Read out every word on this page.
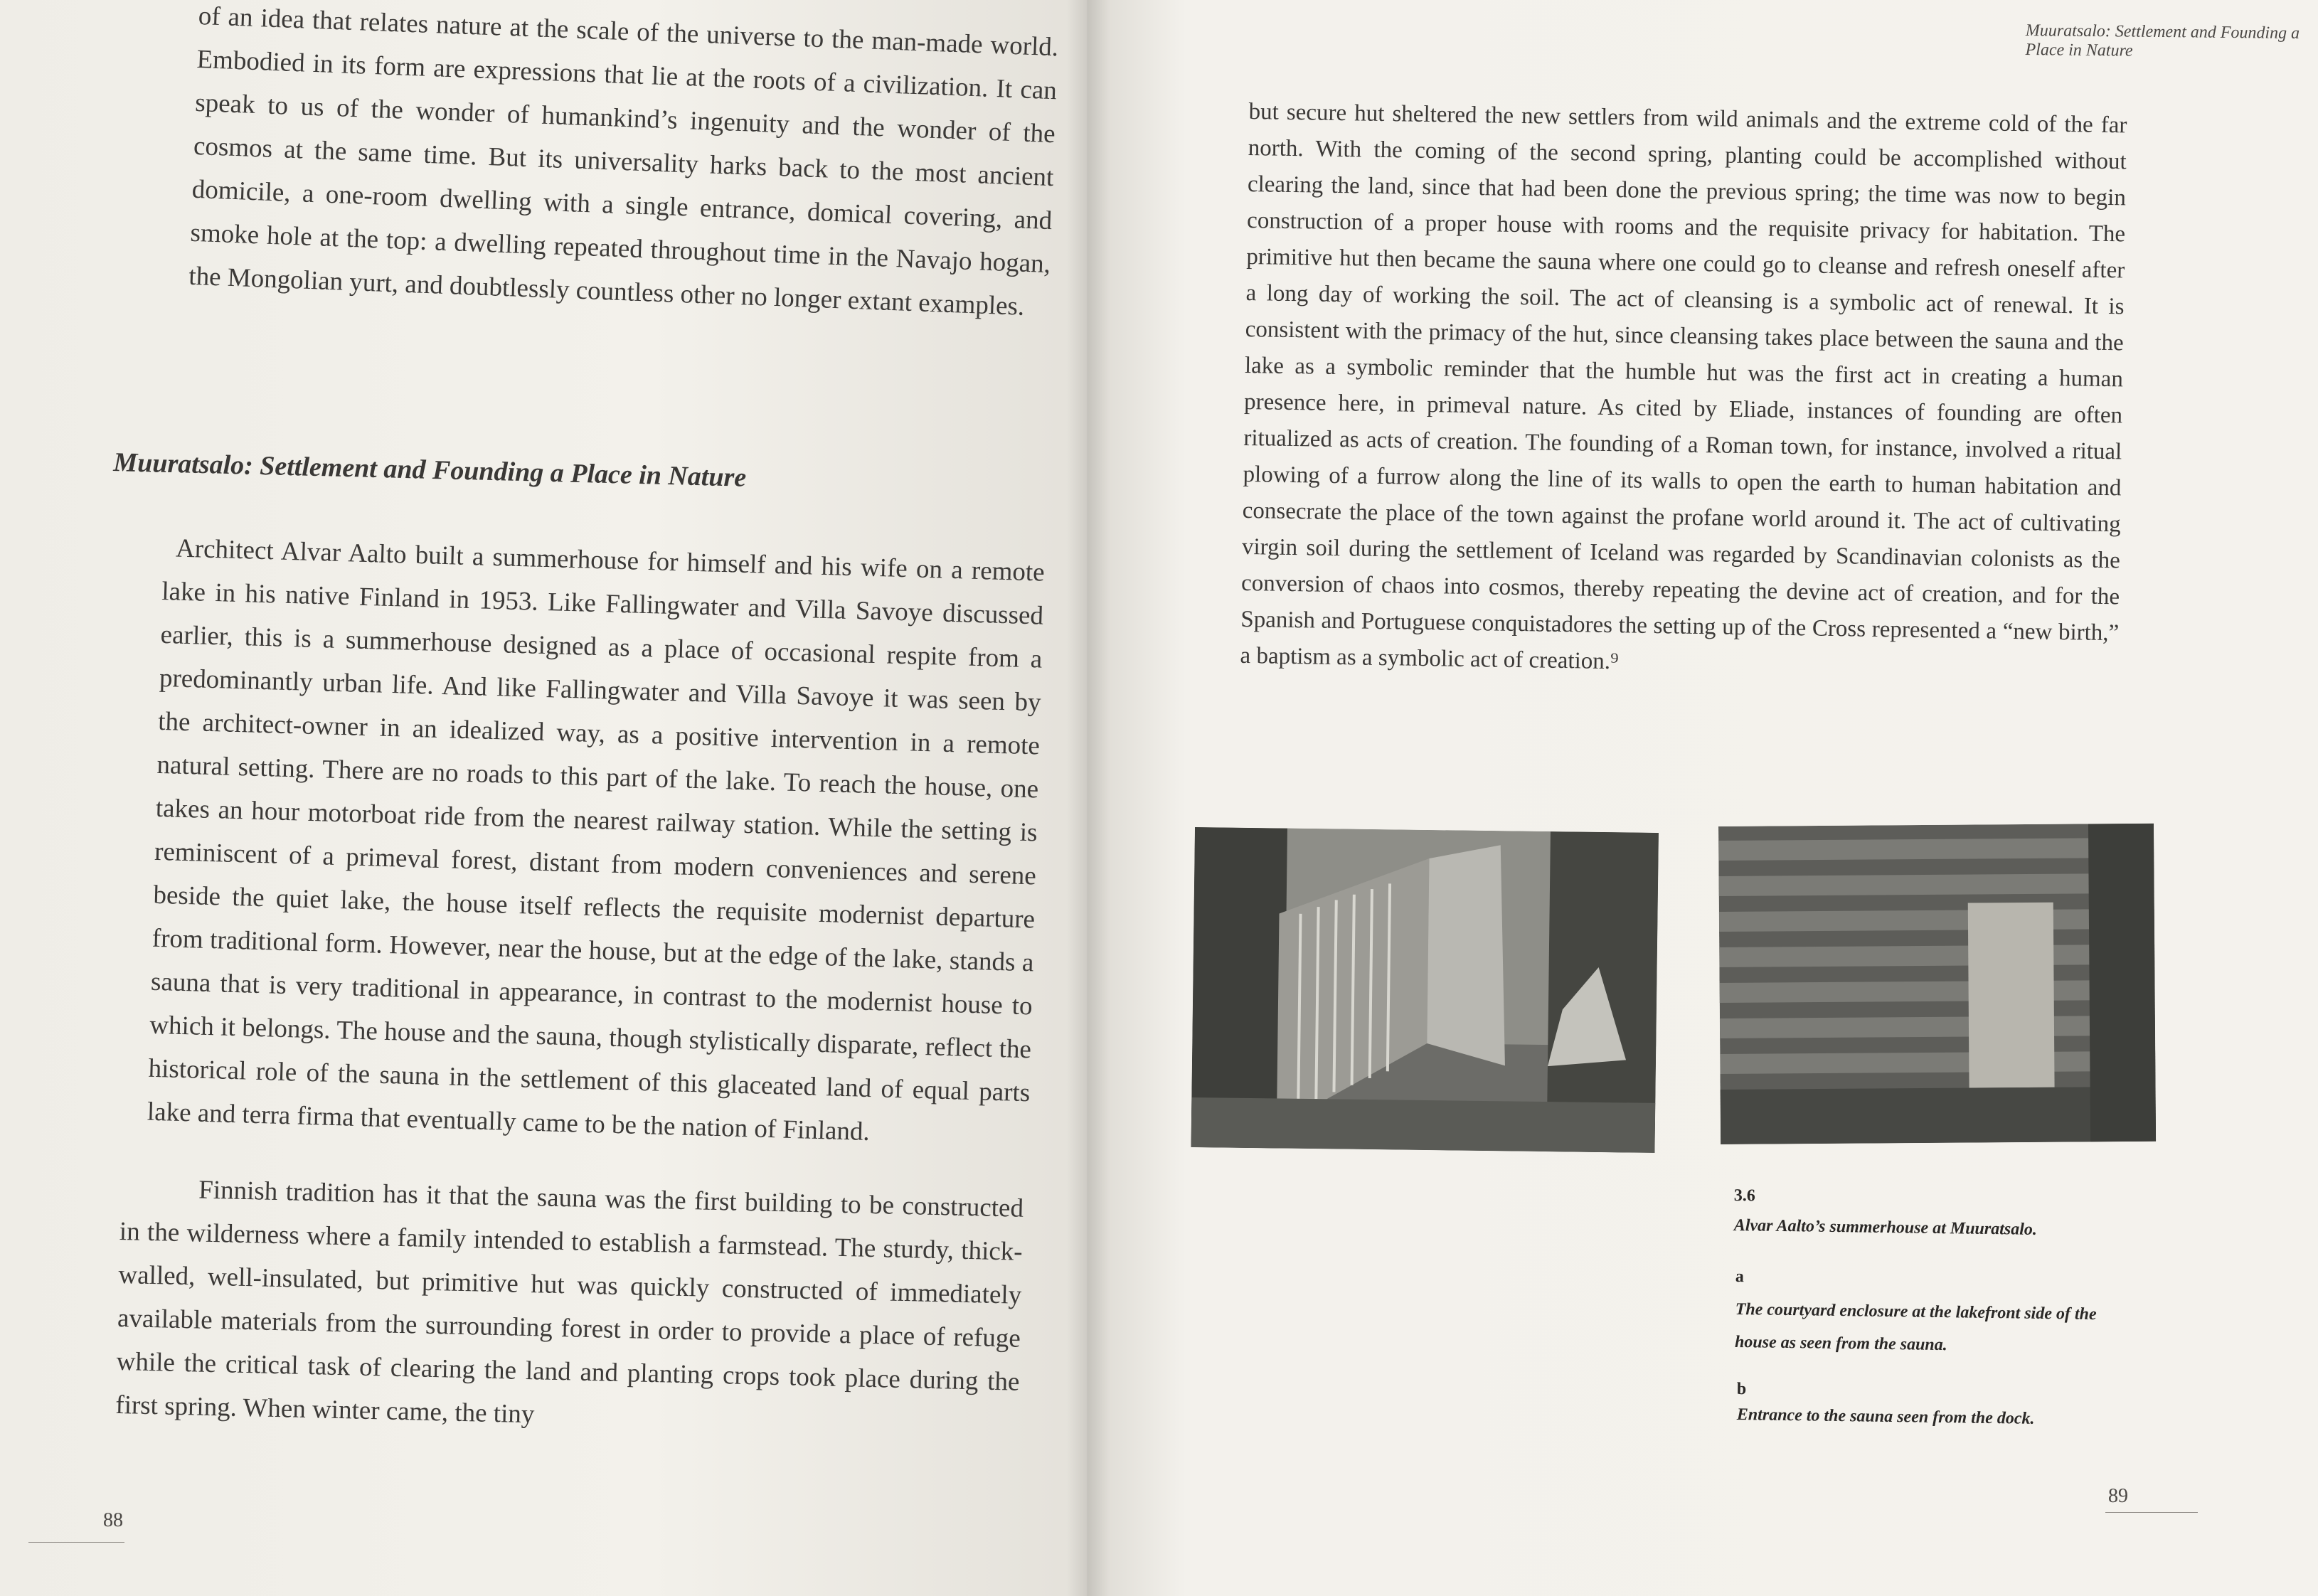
of an idea that relates nature at the scale of the universe to the man-made world. Embodied in its form are expressions that lie at the roots of a civilization. It can speak to us of the wonder of humankind’s ingenuity and the wonder of the cosmos at the same time. But its universality harks back to the most ancient domicile, a one-room dwelling with a single entrance, domical covering, and smoke hole at the top: a dwelling repeated throughout time in the Navajo hogan, the Mongolian yurt, and doubtlessly countless other no longer extant examples.

Muuratsalo: Settlement and Founding a Place in Nature

Architect Alvar Aalto built a summerhouse for himself and his wife on a remote lake in his native Finland in 1953. Like Fallingwater and Villa Savoye discussed earlier, this is a summerhouse designed as a place of occasional respite from a predominantly urban life. And like Fallingwater and Villa Savoye it was seen by the architect-owner in an idealized way, as a positive intervention in a remote natural setting. There are no roads to this part of the lake. To reach the house, one takes an hour motorboat ride from the nearest railway station. While the setting is reminiscent of a primeval forest, distant from modern conveniences and serene beside the quiet lake, the house itself reflects the requisite modernist departure from traditional form. However, near the house, but at the edge of the lake, stands a sauna that is very traditional in appearance, in contrast to the modernist house to which it belongs. The house and the sauna, though stylistically disparate, reflect the historical role of the sauna in the settlement of this glaceated land of equal parts lake and terra firma that eventually came to be the nation of Finland.

Finnish tradition has it that the sauna was the first building to be constructed in the wilderness where a family intended to establish a farmstead. The sturdy, thick-walled, well-insulated, but primitive hut was quickly constructed of immediately available materials from the surrounding forest in order to provide a place of refuge while the critical task of clearing the land and planting crops took place during the first spring. When winter came, the tiny

88
Muuratsalo: Settlement and Founding a Place in Nature

but secure hut sheltered the new settlers from wild animals and the extreme cold of the far north. With the coming of the second spring, planting could be accomplished without clearing the land, since that had been done the previous spring; the time was now to begin construction of a proper house with rooms and the requisite privacy for habitation. The primitive hut then became the sauna where one could go to cleanse and refresh oneself after a long day of working the soil. The act of cleansing is a symbolic act of renewal. It is consistent with the primacy of the hut, since cleansing takes place between the sauna and the lake as a symbolic reminder that the humble hut was the first act in creating a human presence here, in primeval nature. As cited by Eliade, instances of founding are often ritualized as acts of creation. The founding of a Roman town, for instance, involved a ritual plowing of a furrow along the line of its walls to open the earth to human habitation and consecrate the place of the town against the profane world around it. The act of cultivating virgin soil during the settlement of Iceland was regarded by Scandinavian colonists as the conversion of chaos into cosmos, thereby repeating the devine act of creation, and for the Spanish and Portuguese conquistadores the setting up of the Cross represented a “new birth,” a baptism as a symbolic act of creation.⁹

3.6
Alvar Aalto’s summerhouse at Muuratsalo.
a
The courtyard enclosure at the lakefront side of the house as seen from the sauna.
b
Entrance to the sauna seen from the dock.
89
